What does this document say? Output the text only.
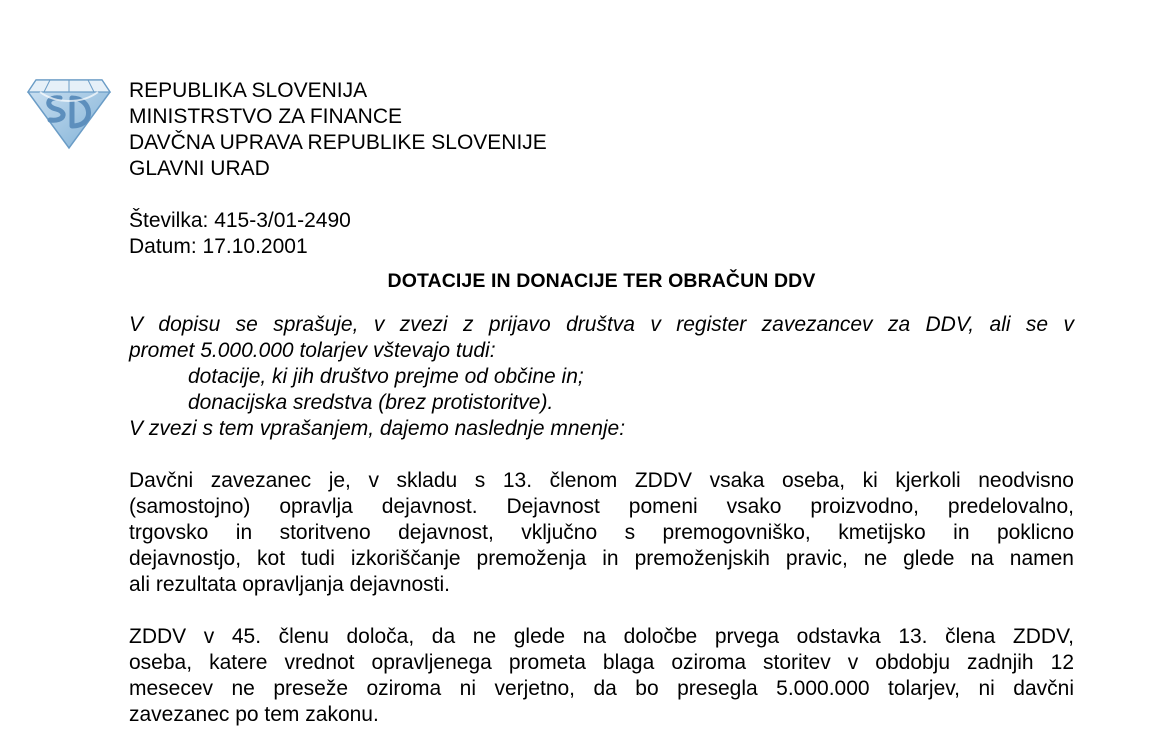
REPUBLIKA SLOVENIJA
MINISTRSTVO ZA FINANCE
DAVČNA UPRAVA REPUBLIKE SLOVENIJE
GLAVNI URAD
Številka: 415-3/01-2490
Datum: 17.10.2001
DOTACIJE IN DONACIJE TER OBRAČUN DDV
V dopisu se sprašuje, v zvezi z prijavo društva v register zavezancev za DDV, ali se v
promet 5.000.000 tolarjev vštevajo tudi:
dotacije, ki jih društvo prejme od občine in;
donacijska sredstva (brez protistoritve).
V zvezi s tem vprašanjem, dajemo naslednje mnenje:
Davčni zavezanec je, v skladu s 13. členom ZDDV vsaka oseba, ki kjerkoli neodvisno
(samostojno) opravlja dejavnost. Dejavnost pomeni vsako proizvodno, predelovalno,
trgovsko in storitveno dejavnost, vključno s premogovniško, kmetijsko in poklicno
dejavnostjo, kot tudi izkoriščanje premoženja in premoženjskih pravic, ne glede na namen
ali rezultata opravljanja dejavnosti.
ZDDV v 45. členu določa, da ne glede na določbe prvega odstavka 13. člena ZDDV,
oseba, katere vrednot opravljenega prometa blaga oziroma storitev v obdobju zadnjih 12
mesecev ne preseže oziroma ni verjetno, da bo presegla 5.000.000 tolarjev, ni davčni
zavezanec po tem zakonu.
